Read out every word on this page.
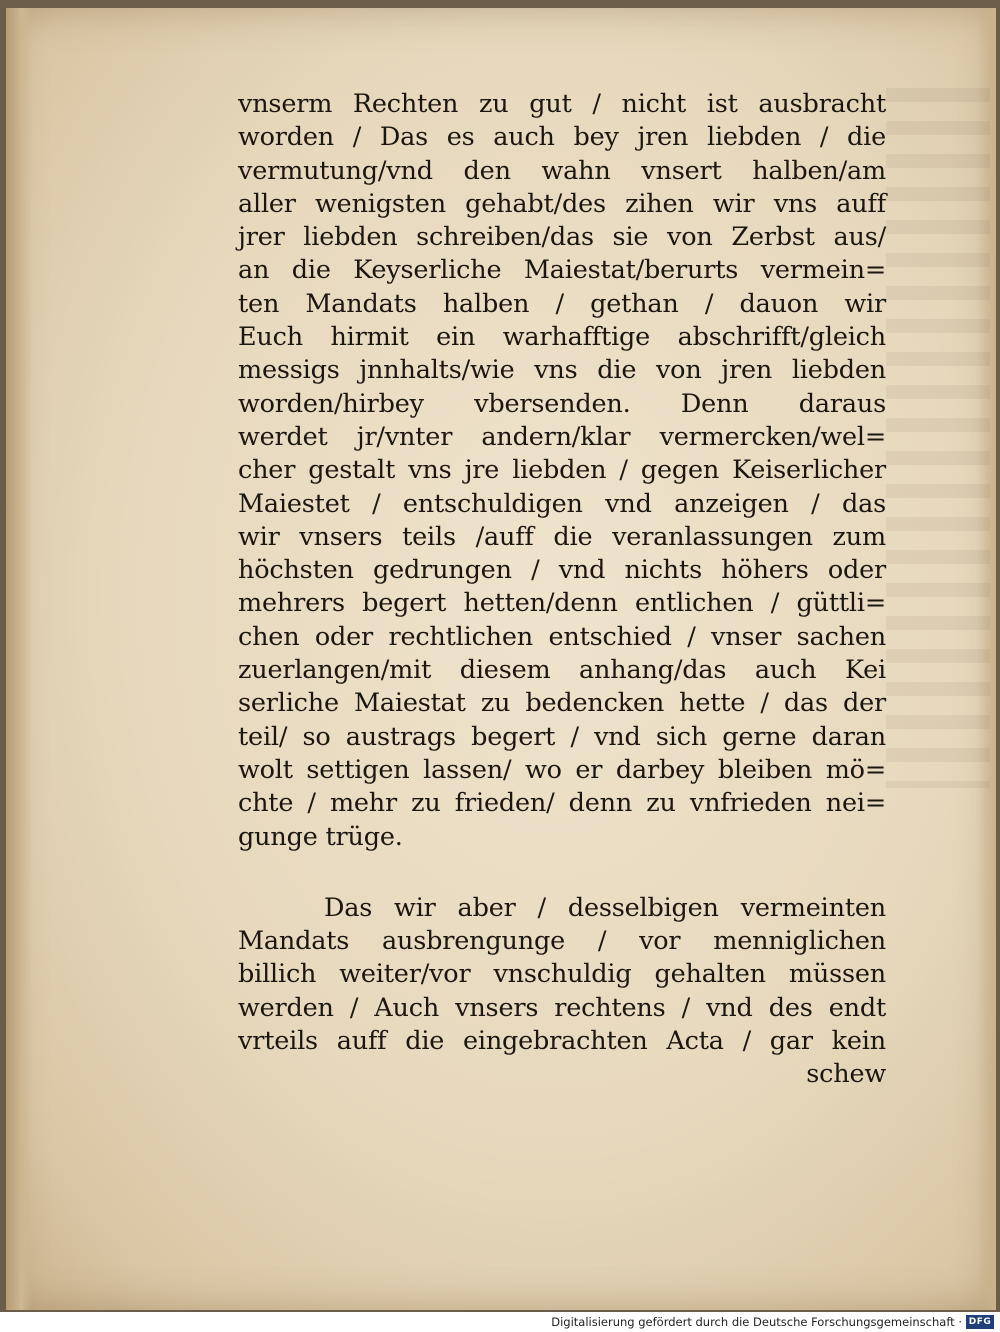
vnserm Rechten zu gut / nicht ist ausbracht
worden / Das es auch bey jren liebden / die
vermutung/vnd den wahn vnsert halben/am
aller wenigsten gehabt/des zihen wir vns auff
jrer liebden schreiben/das sie von Zerbst aus/
an die Keyserliche Maiestat/berurts vermein=
ten Mandats halben / gethan / dauon wir
Euch hirmit ein warhafftige abschrifft/gleich
messigs jnnhalts/wie vns die von jren liebden
worden/hirbey vbersenden. Denn daraus
werdet jr/vnter andern/klar vermercken/wel=
cher gestalt vns jre liebden / gegen Keiserlicher
Maiestet / entschuldigen vnd anzeigen / das
wir vnsers teils /auff die veranlassungen zum
höchsten gedrungen / vnd nichts höhers oder
mehrers begert hetten/denn entlichen / güttli=
chen oder rechtlichen entschied / vnser sachen
zuerlangen/mit diesem anhang/das auch Kei
serliche Maiestat zu bedencken hette / das der
teil/ so austrags begert / vnd sich gerne daran
wolt settigen lassen/ wo er darbey bleiben mö=
chte / mehr zu frieden/ denn zu vnfrieden nei=
gunge trüge.
Das wir aber / desselbigen vermeinten
Mandats ausbrengunge / vor menniglichen
billich weiter/vor vnschuldig gehalten müssen
werden / Auch vnsers rechtens / vnd des endt
vrteils auff die eingebrachten Acta / gar kein
schew
Digitalisierung gefördert durch die Deutsche Forschungsgemeinschaft · DFG
